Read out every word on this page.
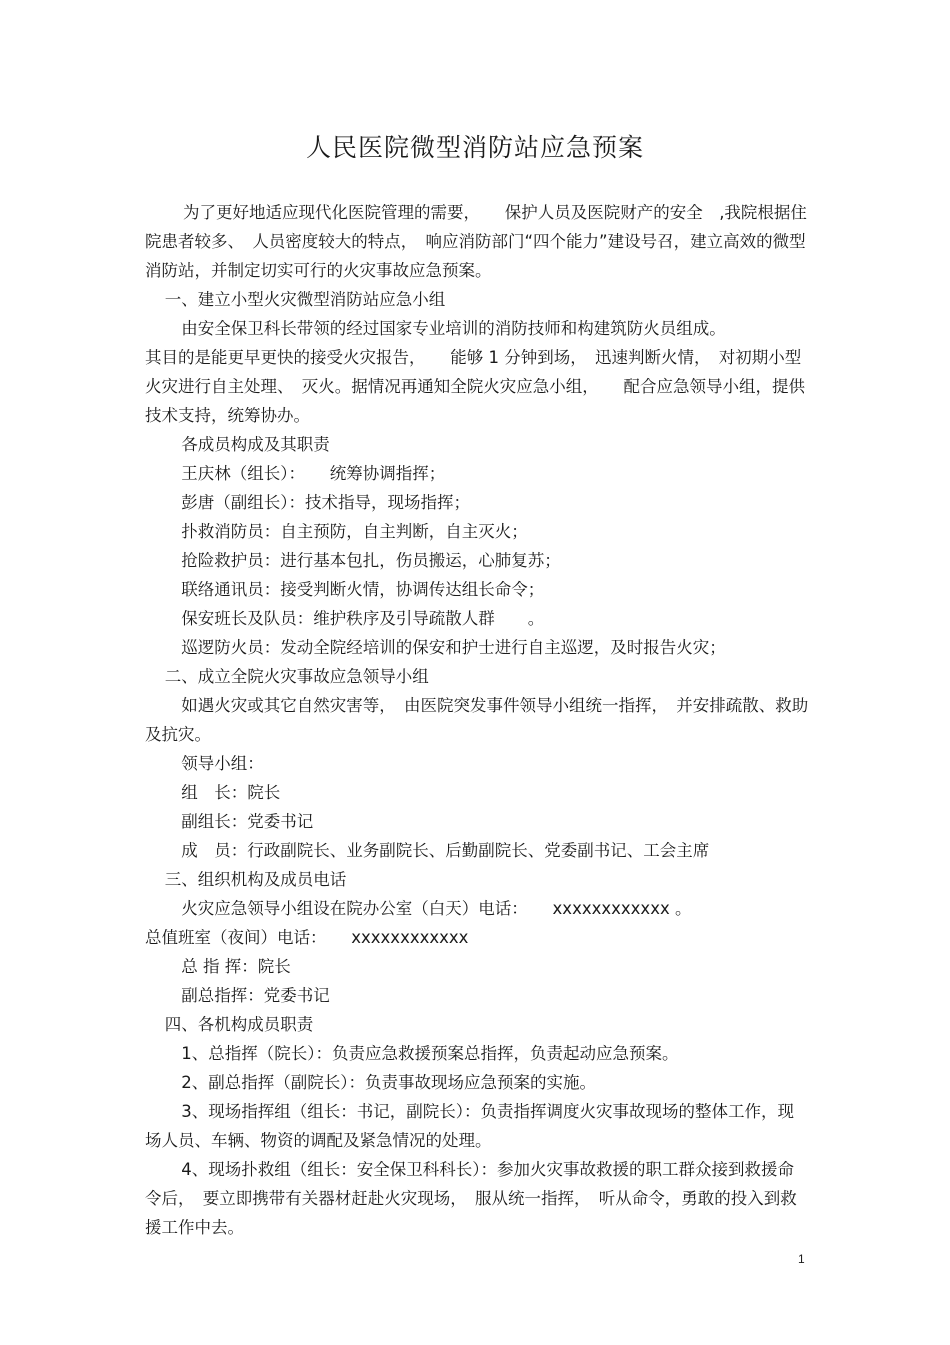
人民医院微型消防站应急预案

为了更好地适应现代化医院管理的需要，　　保护人员及医院财产的安全　,我院根据住院患者较多、　人员密度较大的特点，　响应消防部门“四个能力”建设号召，建立高效的微型消防站，并制定切实可行的火灾事故应急预案。

一、建立小型火灾微型消防站应急小组

由安全保卫科长带领的经过国家专业培训的消防技师和构建筑防火员组成。

其目的是能更早更快的接受火灾报告，　　能够 1 分钟到场，　迅速判断火情，　对初期小型火灾进行自主处理、　灭火。据情况再通知全院火灾应急小组，　　配合应急领导小组，提供技术支持，统筹协办。

各成员构成及其职责

王庆林（组长）：　　统筹协调指挥；

彭唐（副组长）：技术指导，现场指挥；

扑救消防员：自主预防，自主判断，自主灭火；

抢险救护员：进行基本包扎，伤员搬运，心肺复苏；

联络通讯员：接受判断火情，协调传达组长命令；

保安班长及队员：维护秩序及引导疏散人群　　。

巡逻防火员：发动全院经培训的保安和护士进行自主巡逻，及时报告火灾；

二、成立全院火灾事故应急领导小组

如遇火灾或其它自然灾害等，　由医院突发事件领导小组统一指挥，　并安排疏散、救助及抗灾。

领导小组：

组　长：院长

副组长：党委书记

成　员：行政副院长、业务副院长、后勤副院长、党委副书记、工会主席

三、组织机构及成员电话

火灾应急领导小组设在院办公室（白天）电话：　　xxxxxxxxxxxx 。

总值班室（夜间）电话：　　xxxxxxxxxxxx

总 指 挥：院长

副总指挥：党委书记

四、各机构成员职责

1、总指挥（院长）：负责应急救援预案总指挥，负责起动应急预案。

2、副总指挥（副院长）：负责事故现场应急预案的实施。

3、现场指挥组（组长：书记，副院长）：负责指挥调度火灾事故现场的整体工作，现场人员、车辆、物资的调配及紧急情况的处理。

4、现场扑救组（组长：安全保卫科科长）：参加火灾事故救援的职工群众接到救援命令后，　要立即携带有关器材赶赴火灾现场，　服从统一指挥，　听从命令，勇敢的投入到救援工作中去。

1
